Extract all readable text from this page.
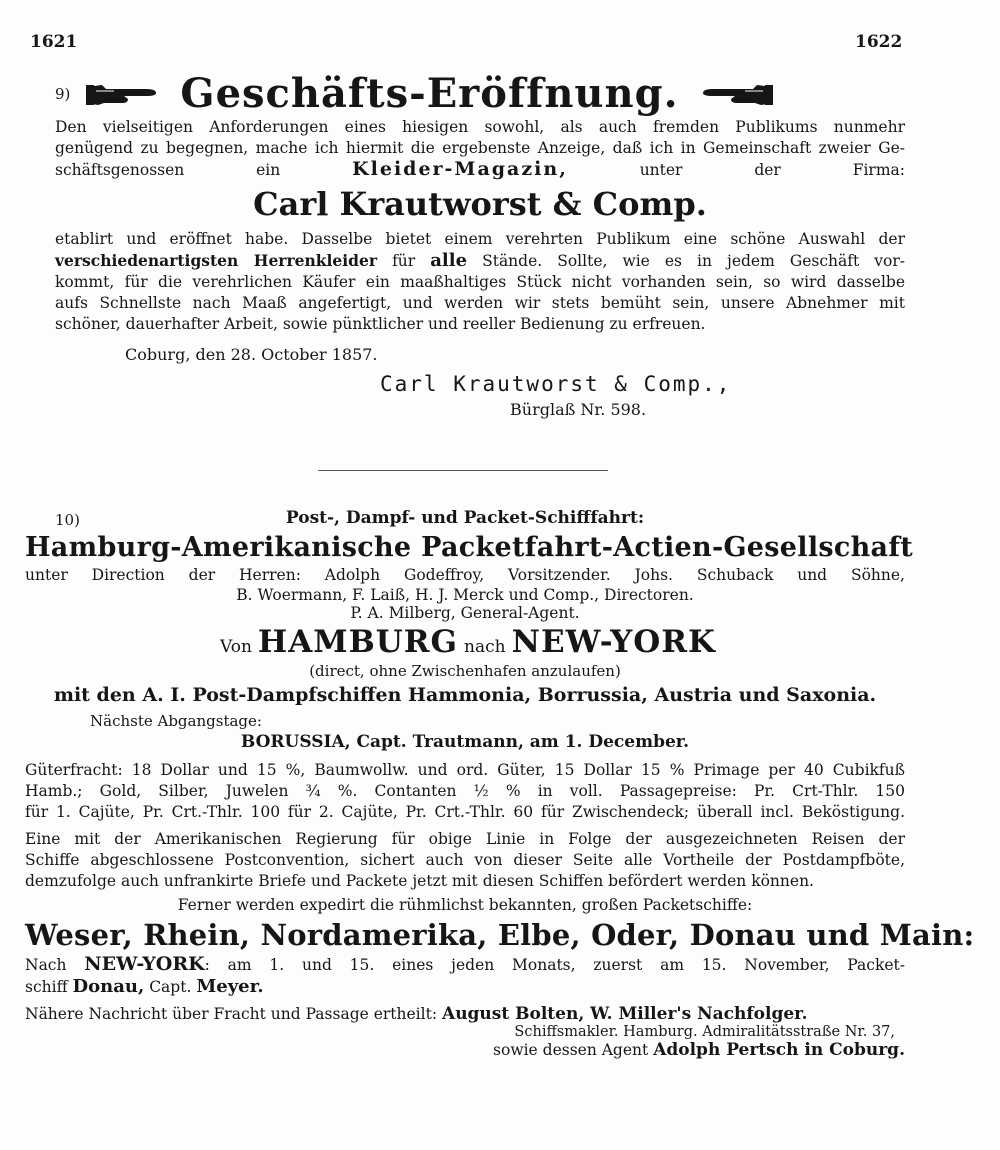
1621	1622
9)	Geschäfts-Eröffnung.
Den vielseitigen Anforderungen eines hiesigen sowohl, als auch fremden Publikums nunmehr
genügend zu begegnen, mache ich hiermit die ergebenste Anzeige, daß ich in Gemeinschaft zweier Ge-
schäftsgenossen ein	Kleider-Magazin,	unter der Firma:
Carl Krautworst & Comp.
etablirt und eröffnet habe. Dasselbe bietet einem verehrten Publikum eine schöne Auswahl der
verschiedenartigsten Herrenkleider für alle Stände. Sollte, wie es in jedem Geschäft vor-
kommt, für die verehrlichen Käufer ein maaßhaltiges Stück nicht vorhanden sein, so wird dasselbe
aufs Schnellste nach Maaß angefertigt, und werden wir stets bemüht sein, unsere Abnehmer mit
schöner, dauerhafter Arbeit, sowie pünktlicher und reeller Bedienung zu erfreuen.
Coburg, den 28. October 1857.
Carl Krautworst & Comp.,
Bürglaß Nr. 598.
10)	Post-, Dampf- und Packet-Schifffahrt:
Hamburg-Amerikanische Packetfahrt-Actien-Gesellschaft
unter Direction der Herren: Adolph Godeffroy, Vorsitzender. Johs. Schuback und Söhne,
B. Woermann, F. Laiß, H. J. Merck und Comp., Directoren.
P. A. Milberg, General-Agent.
Von HAMBURG nach NEW-YORK
(direct, ohne Zwischenhafen anzulaufen)
mit den A. I. Post-Dampfschiffen Hammonia, Borrussia, Austria und Saxonia.
Nächste Abgangstage:
BORUSSIA, Capt. Trautmann, am 1. December.
Güterfracht: 18 Dollar und 15 %, Baumwollw. und ord. Güter, 15 Dollar 15 % Primage per 40 Cubikfuß
Hamb.; Gold, Silber, Juwelen ¾ %. Contanten ½ % in voll. Passagepreise: Pr. Crt-Thlr. 150
für 1. Cajüte, Pr. Crt.-Thlr. 100 für 2. Cajüte, Pr. Crt.-Thlr. 60 für Zwischendeck; überall incl. Beköstigung.
Eine mit der Amerikanischen Regierung für obige Linie in Folge der ausgezeichneten Reisen der
Schiffe abgeschlossene Postconvention, sichert auch von dieser Seite alle Vortheile der Postdampfböte,
demzufolge auch unfrankirte Briefe und Packete jetzt mit diesen Schiffen befördert werden können.
Ferner werden expedirt die rühmlichst bekannten, großen Packetschiffe:
Weser, Rhein, Nordamerika, Elbe, Oder, Donau und Main:
Nach NEW-YORK: am 1. und 15. eines jeden Monats, zuerst am 15. November, Packet-
schiff Donau, Capt. Meyer.
Nähere Nachricht über Fracht und Passage ertheilt: August Bolten, W. Miller's Nachfolger.
Schiffsmakler. Hamburg. Admiralitätsstraße Nr. 37,
sowie dessen Agent Adolph Pertsch in Coburg.
